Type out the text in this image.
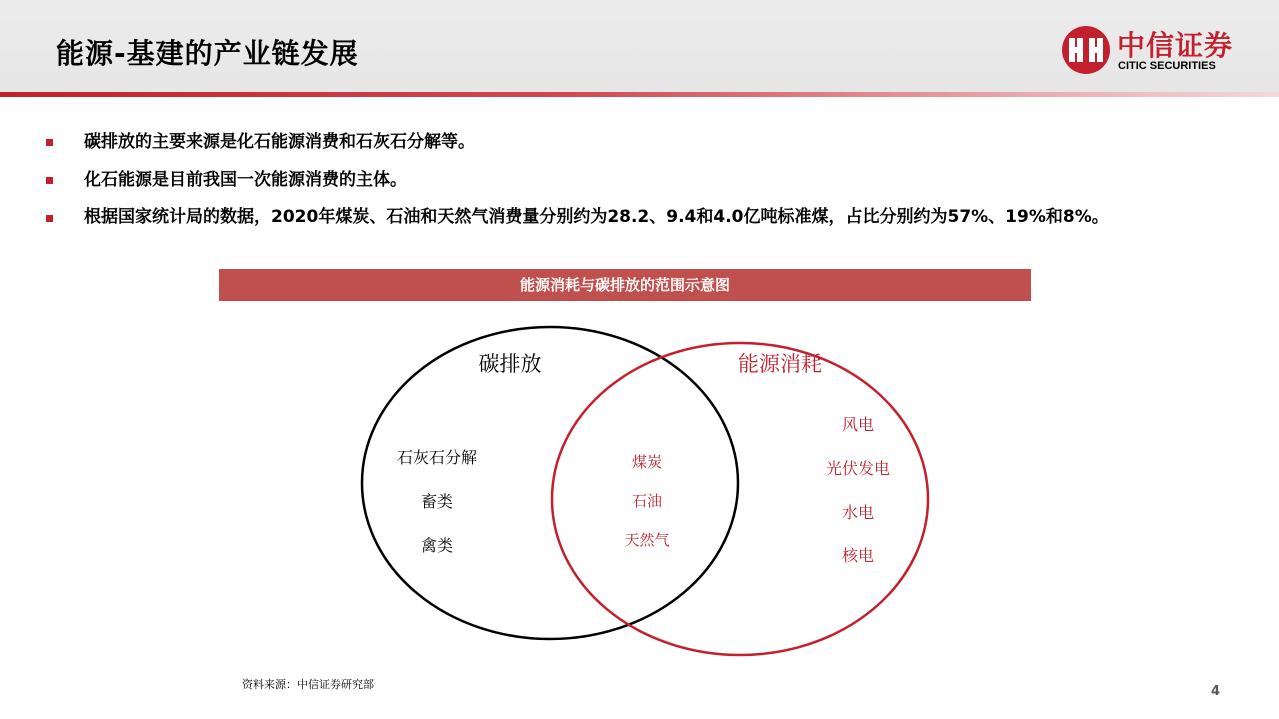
能源-基建的产业链发展	中信证券
CITIC SECURITIES
碳排放的主要来源是化石能源消费和石灰石分解等。
化石能源是目前我国一次能源消费的主体。
根据国家统计局的数据，2020年煤炭、石油和天然气消费量分别约为28.2、9.4和4.0亿吨标准煤，占比分别约为57%、19%和8%。
能源消耗与碳排放的范围示意图
碳排放	能源消耗
石灰石分解
畜类
禽类
煤炭
石油
天然气
风电
光伏发电
水电
核电
资料来源：中信证券研究部	4
